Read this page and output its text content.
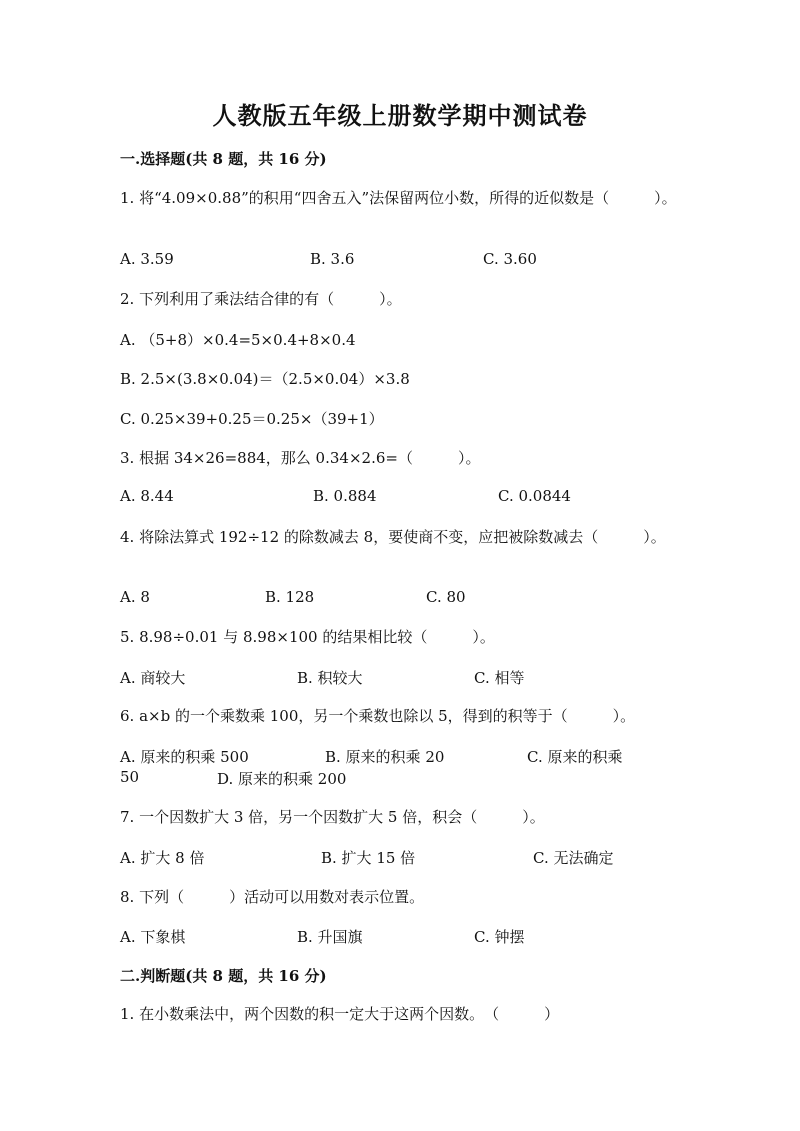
人教版五年级上册数学期中测试卷
一.选择题(共 8 题，共 16 分)
1. 将“4.09×0.88”的积用“四舍五入”法保留两位小数，所得的近似数是（　　　）。
A. 3.59	B. 3.6	C. 3.60
2. 下列利用了乘法结合律的有（　　　）。
A. （5+8）×0.4=5×0.4+8×0.4
B. 2.5×(3.8×0.04)＝（2.5×0.04）×3.8
C. 0.25×39+0.25＝0.25×（39+1）
3. 根据 34×26=884，那么 0.34×2.6=（　　　）。
A. 8.44	B. 0.884	C. 0.0844
4. 将除法算式 192÷12 的除数减去 8，要使商不变，应把被除数减去（　　　）。
A. 8	B. 128	C. 80
5. 8.98÷0.01 与 8.98×100 的结果相比较（　　　）。
A. 商较大	B. 积较大	C. 相等
6. a×b 的一个乘数乘 100，另一个乘数也除以 5，得到的积等于（　　　）。
A. 原来的积乘 500	B. 原来的积乘 20	C. 原来的积乘
50	D. 原来的积乘 200
7. 一个因数扩大 3 倍，另一个因数扩大 5 倍，积会（　　　）。
A. 扩大 8 倍	B. 扩大 15 倍	C. 无法确定
8. 下列（　　　）活动可以用数对表示位置。
A. 下象棋	B. 升国旗	C. 钟摆
二.判断题(共 8 题，共 16 分)
1. 在小数乘法中，两个因数的积一定大于这两个因数。　（　　　）
